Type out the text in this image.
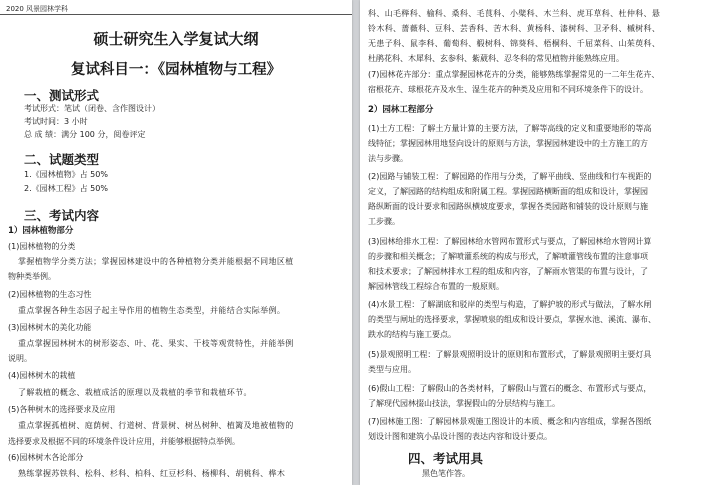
2020 风景园林学科
硕士研究生入学复试大纲
复试科目一：《园林植物与工程》
一、测试形式
考试形式：笔试（闭卷、含作图设计）
考试时间：3 小时
总 成 绩：满分 100 分，阅卷评定
二、试题类型
1.《园林植物》占 50%
2.《园林工程》占 50%
三、考试内容
1）园林植物部分
(1)园林植物的分类
掌握植物学分类方法；掌握园林建设中的各种植物分类并能根据不同地区植
物种类举例。
(2)园林植物的生态习性
重点掌握各种生态因子起主导作用的植物生态类型，并能结合实际举例。
(3)园林树木的美化功能
重点掌握园林树木的树形姿态、叶、花、果实、干枝等观赏特性，并能举例
说明。
(4)园林树木的栽植
了解栽植的概念、栽植成活的原理以及栽植的季节和栽植环节。
(5)各种树木的选择要求及应用
重点掌握孤植树、庭荫树、行道树、背景树、树丛树种、植篱及地被植物的
选择要求及根据不同的环境条件设计应用，并能够根据特点举例。
(6)园林树木各论部分
熟练掌握苏铁科、松科、杉科、柏科、红豆杉科、杨柳科、胡桃科、桦木
科、山毛榉科、榆科、桑科、毛茛科、小檗科、木兰科、虎耳草科、杜仲科、悬
铃木科、蔷薇科、豆科、芸香科、苦木科、黄杨科、漆树科、卫矛科、槭树科、
无患子科、鼠李科、葡萄科、椴树科、锦葵科、梧桐科、千屈菜科、山茱萸科、
杜鹃花科、木犀科、玄参科、紫葳科、忍冬科的常见植物并能熟练应用。
(7)园林花卉部分：重点掌握园林花卉的分类，能够熟练掌握常见的一二年生花卉、
宿根花卉、球根花卉及水生、湿生花卉的种类及应用和不同环境条件下的设计。
2）园林工程部分
(1)土方工程：了解土方量计算的主要方法，了解等高线的定义和重要地形的等高
线特征；掌握园林用地竖向设计的原则与方法，掌握园林建设中的土方施工的方
法与步骤。
(2)园路与铺装工程：了解园路的作用与分类，了解平曲线、竖曲线和行车视距的
定义，了解园路的结构组成和附属工程。掌握园路横断面的组成和设计，掌握园
路纵断面的设计要求和园路纵横坡度要求，掌握各类园路和铺装的设计原则与施
工步骤。
(3)园林给排水工程：了解园林给水管网布置形式与要点，了解园林给水管网计算
的步骤和相关概念；了解喷灌系统的构成与形式，了解喷灌管线布置的注意事项
和技术要求；了解园林排水工程的组成和内容，了解雨水管渠的布置与设计，了
解园林管线工程综合布置的一般原则。
(4)水景工程：了解湖底和驳岸的类型与构造，了解护坡的形式与做法，了解水闸
的类型与闸址的选择要求，掌握喷泉的组成和设计要点，掌握水池、溪流、瀑布、
跌水的结构与施工要点。
(5)景观照明工程：了解景观照明设计的原则和布置形式，了解景观照明主要灯具
类型与应用。
(6)假山工程：了解假山的各类材料，了解假山与置石的概念、布置形式与要点，
了解现代园林掇山技法，掌握假山的分层结构与施工。
(7)园林施工图：了解园林景观施工图设计的本质、概念和内容组成，掌握各图纸
划设计图和建筑小品设计图的表达内容和设计要点。
四、考试用具
黑色笔作答。
